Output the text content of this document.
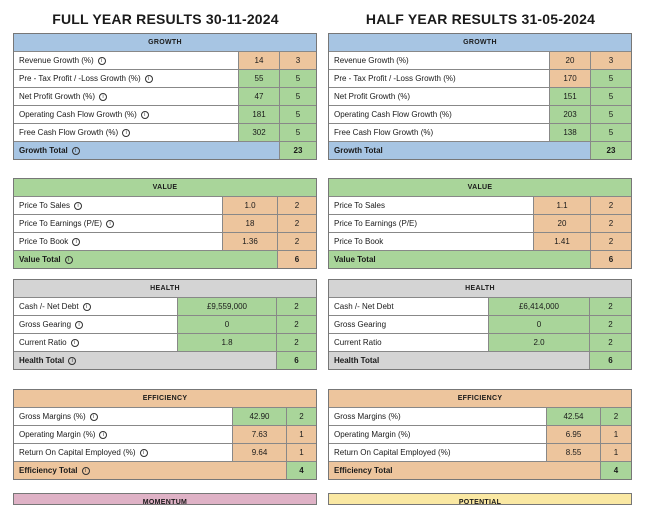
FULL YEAR RESULTS 30-11-2024
GROWTH
Revenue Growth (%)	i	14	3
Pre - Tax Profit / -Loss Growth (%)	i	55	5
Net Profit Growth (%)	i	47	5
Operating Cash Flow Growth (%)	i	181	5
Free Cash Flow Growth (%)	i	302	5
Growth Total	i	23
VALUE
Price To Sales	i	1.0	2
Price To Earnings (P/E)	i	18	2
Price To Book	i	1.36	2
Value Total	i	6
HEALTH
Cash /- Net Debt	i	£9,559,000	2
Gross Gearing	i	0	2
Current Ratio	i	1.8	2
Health Total	i	6
EFFICIENCY
Gross Margins (%)	i	42.90	2
Operating Margin (%)	i	7.63	1
Return On Capital Employed (%)	i	9.64	1
Efficiency Total	i	4
MOMENTUM
HALF YEAR RESULTS 31-05-2024
GROWTH
Revenue Growth (%)	20	3
Pre - Tax Profit / -Loss Growth (%)	170	5
Net Profit Growth (%)	151	5
Operating Cash Flow Growth (%)	203	5
Free Cash Flow Growth (%)	138	5
Growth Total	23
VALUE
Price To Sales	1.1	2
Price To Earnings (P/E)	20	2
Price To Book	1.41	2
Value Total	6
HEALTH
Cash /- Net Debt	£6,414,000	2
Gross Gearing	0	2
Current Ratio	2.0	2
Health Total	6
EFFICIENCY
Gross Margins (%)	42.54	2
Operating Margin (%)	6.95	1
Return On Capital Employed (%)	8.55	1
Efficiency Total	4
POTENTIAL
